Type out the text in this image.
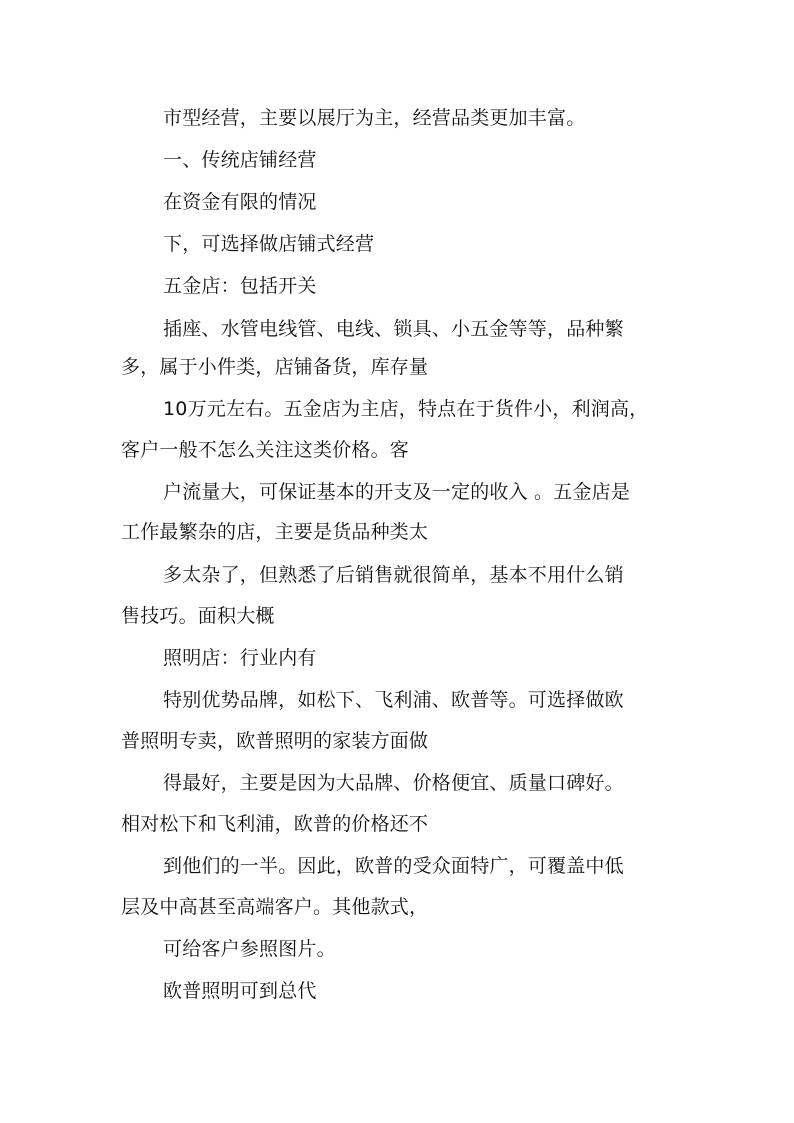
市型经营，主要以展厅为主，经营品类更加丰富。
一、传统店铺经营
在资金有限的情况
下，可选择做店铺式经营
五金店：包括开关
插座、水管电线管、电线、锁具、小五金等等，品种繁
多，属于小件类，店铺备货，库存量
10万元左右。五金店为主店，特点在于货件小，利润高，
客户一般不怎么关注这类价格。客
户流量大，可保证基本的开支及一定的收入 。五金店是
工作最繁杂的店，主要是货品种类太
多太杂了，但熟悉了后销售就很简单，基本不用什么销
售技巧。面积大概
照明店：行业内有
特别优势品牌，如松下、飞利浦、欧普等。可选择做欧
普照明专卖，欧普照明的家装方面做
得最好，主要是因为大品牌、价格便宜、质量口碑好。
相对松下和飞利浦，欧普的价格还不
到他们的一半。因此，欧普的受众面特广，可覆盖中低
层及中高甚至高端客户。其他款式，
可给客户参照图片。
欧普照明可到总代
